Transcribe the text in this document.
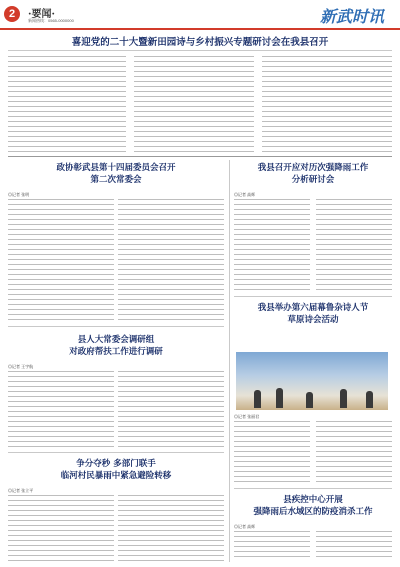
2	·要闻·
新闻热线：0565-0000000	新武时讯
喜迎党的二十大暨新田园诗与乡村振兴专题研讨会在我县召开
政协彰武县第十四届委员会召开
第二次常委会
◎记者 张明
县人大常委会调研组
对政府帮扶工作进行调研
◎记者 王宇航
争分夺秒 多部门联手
临河村民暴雨中紧急避险转移
◎记者 张立平
我县召开应对历次强降雨工作
分析研讨会
◎记者 高辉
我县举办第六届幕鲁杂诗人节
草原诗会活动
◎记者 张丽君
县疾控中心开展
强降雨后水域区的防疫消杀工作
◎记者 高辉
